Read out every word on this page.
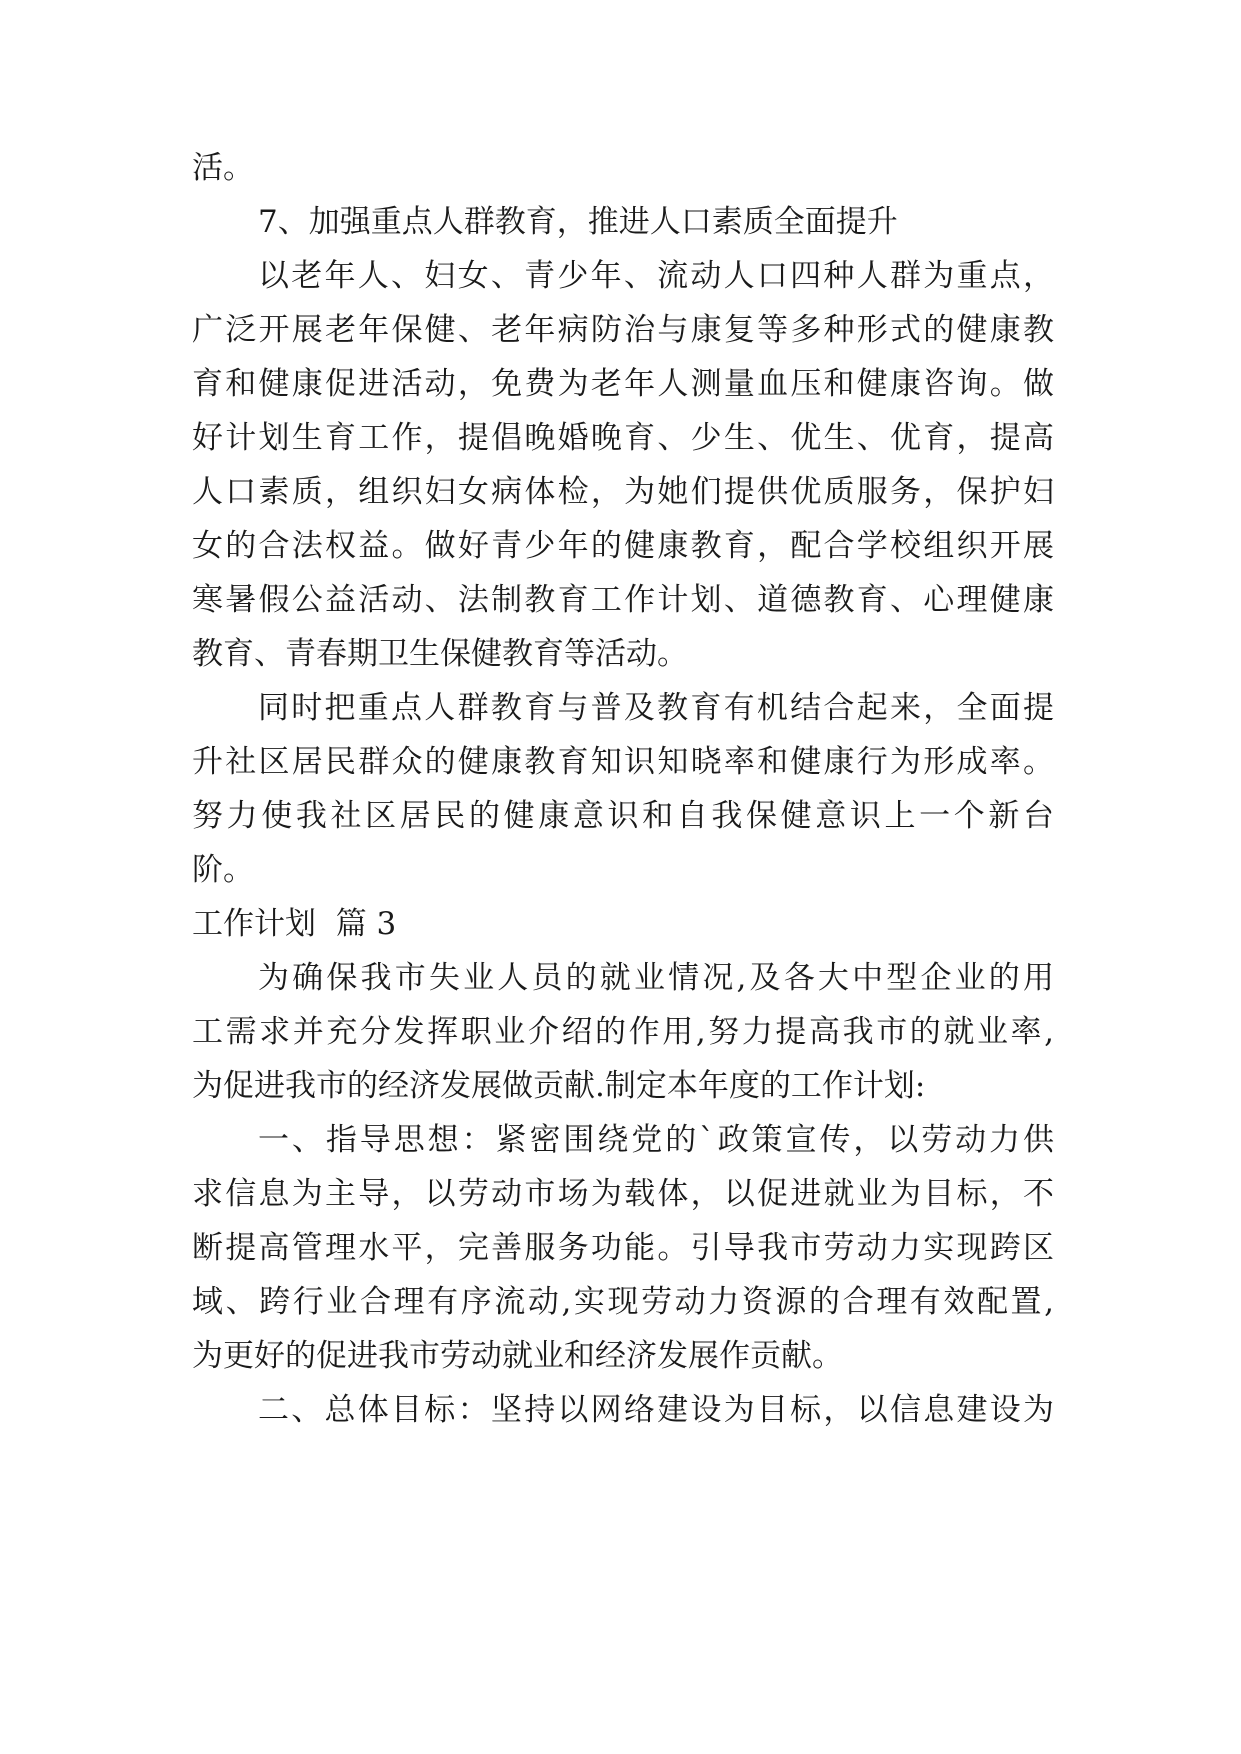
活。

7、加强重点人群教育，推进人口素质全面提升

以老年人、妇女、青少年、流动人口四种人群为重点，

广泛开展老年保健、老年病防治与康复等多种形式的健康教

育和健康促进活动，免费为老年人测量血压和健康咨询。做

好计划生育工作，提倡晚婚晚育、少生、优生、优育，提高

人口素质，组织妇女病体检，为她们提供优质服务，保护妇

女的合法权益。做好青少年的健康教育，配合学校组织开展

寒暑假公益活动、法制教育工作计划、道德教育、心理健康

教育、青春期卫生保健教育等活动。

同时把重点人群教育与普及教育有机结合起来，全面提

升社区居民群众的健康教育知识知晓率和健康行为形成率。

努力使我社区居民的健康意识和自我保健意识上一个新台

阶。

工作计划  篇 3

为确保我市失业人员的就业情况,及各大中型企业的用

工需求并充分发挥职业介绍的作用,努力提高我市的就业率,

为促进我市的经济发展做贡献.制定本年度的工作计划:

一、指导思想：紧密围绕党的`政策宣传，以劳动力供

求信息为主导，以劳动市场为载体，以促进就业为目标，不

断提高管理水平，完善服务功能。引导我市劳动力实现跨区

域、跨行业合理有序流动,实现劳动力资源的合理有效配置,

为更好的促进我市劳动就业和经济发展作贡献。

二、总体目标：坚持以网络建设为目标，以信息建设为
